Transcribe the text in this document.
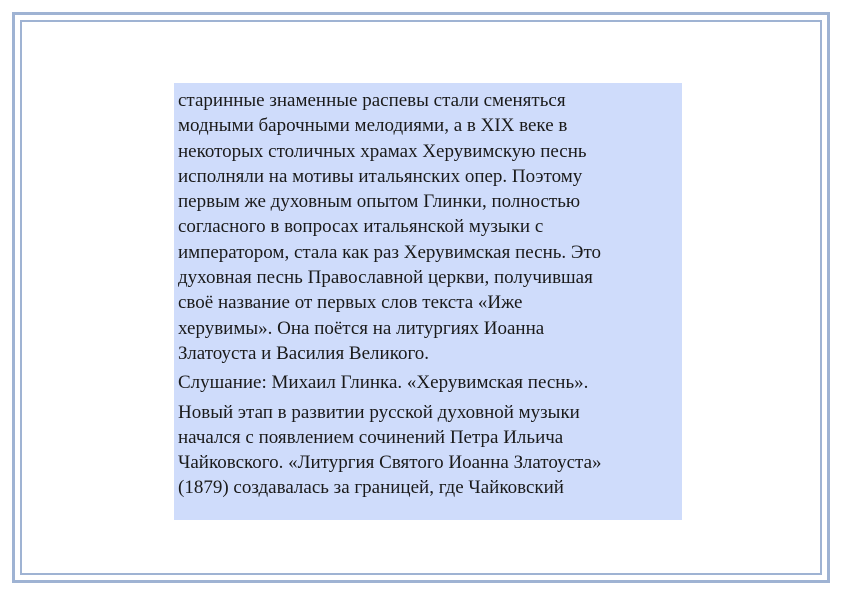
старинные знаменные распевы стали сменяться
модными барочными мелодиями, а в XIX веке в
некоторых столичных храмах Херувимскую песнь
исполняли на мотивы итальянских опер. Поэтому
первым же духовным опытом Глинки, полностью
согласного в вопросах итальянской музыки с
императором, стала как раз Херувимская песнь. Это
духовная песнь Православной церкви, получившая
своё название от первых слов текста «Иже
херувимы». Она поётся на литургиях Иоанна
Златоуста и Василия Великого.

Слушание: Михаил Глинка. «Херувимская песнь».

Новый этап в развитии русской духовной музыки
начался с появлением сочинений Петра Ильича
Чайковского. «Литургия Святого Иоанна Златоуста»
(1879) создавалась за границей, где Чайковский
